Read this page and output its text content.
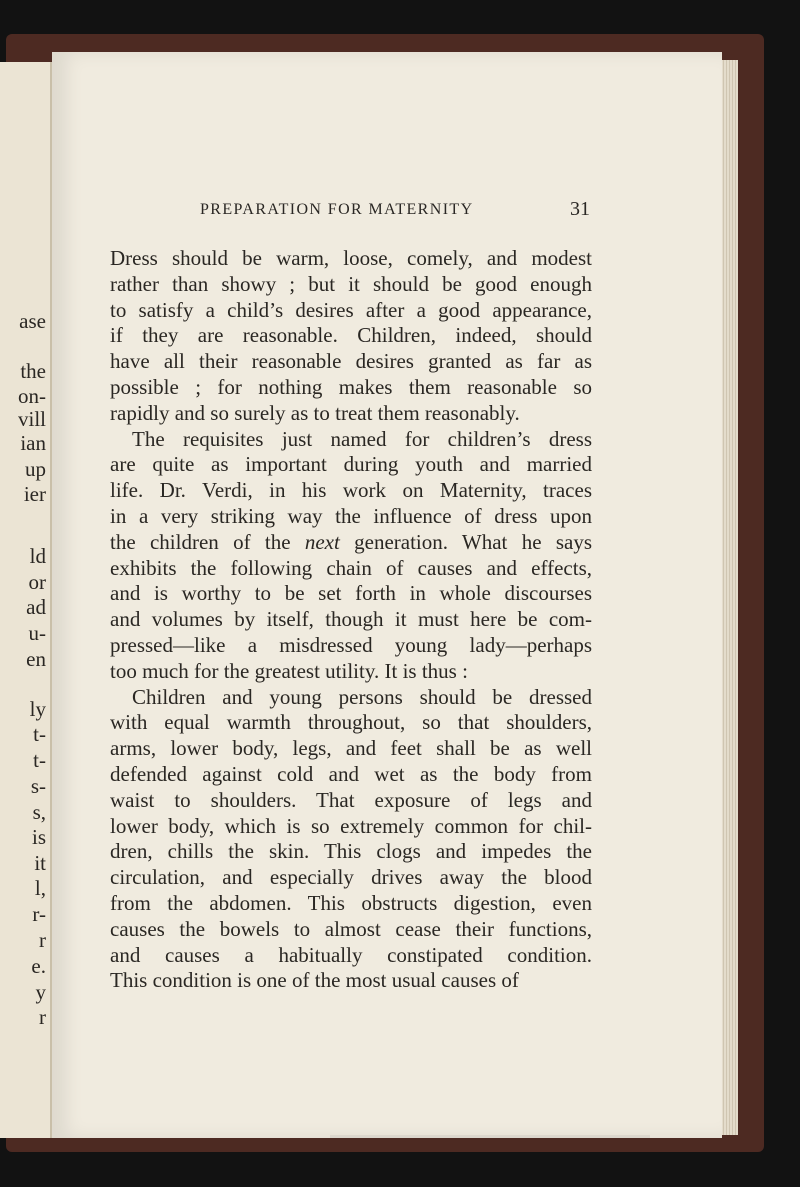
ase
the
on-
vill
ian
up
ier
ld
or
ad
u-
en
ly
t-
t-
s-
s,
is
it
l,
r-
r
e.
y
r
PREPARATION FOR MATERNITY	31
Dress should be warm, loose, comely, and modest
rather than showy ; but it should be good enough
to satisfy a child’s desires after a good appearance,
if they are reasonable. Children, indeed, should
have all their reasonable desires granted as far as
possible ; for nothing makes them reasonable so
rapidly and so surely as to treat them reasonably.
The requisites just named for children’s dress
are quite as important during youth and married
life. Dr. Verdi, in his work on Maternity, traces
in a very striking way the influence of dress upon
the children of the next generation. What he says
exhibits the following chain of causes and effects,
and is worthy to be set forth in whole discourses
and volumes by itself, though it must here be com-
pressed—like a misdressed young lady—perhaps
too much for the greatest utility. It is thus :
Children and young persons should be dressed
with equal warmth throughout, so that shoulders,
arms, lower body, legs, and feet shall be as well
defended against cold and wet as the body from
waist to shoulders. That exposure of legs and
lower body, which is so extremely common for chil-
dren, chills the skin. This clogs and impedes the
circulation, and especially drives away the blood
from the abdomen. This obstructs digestion, even
causes the bowels to almost cease their functions,
and causes a habitually constipated condition.
This condition is one of the most usual causes of
